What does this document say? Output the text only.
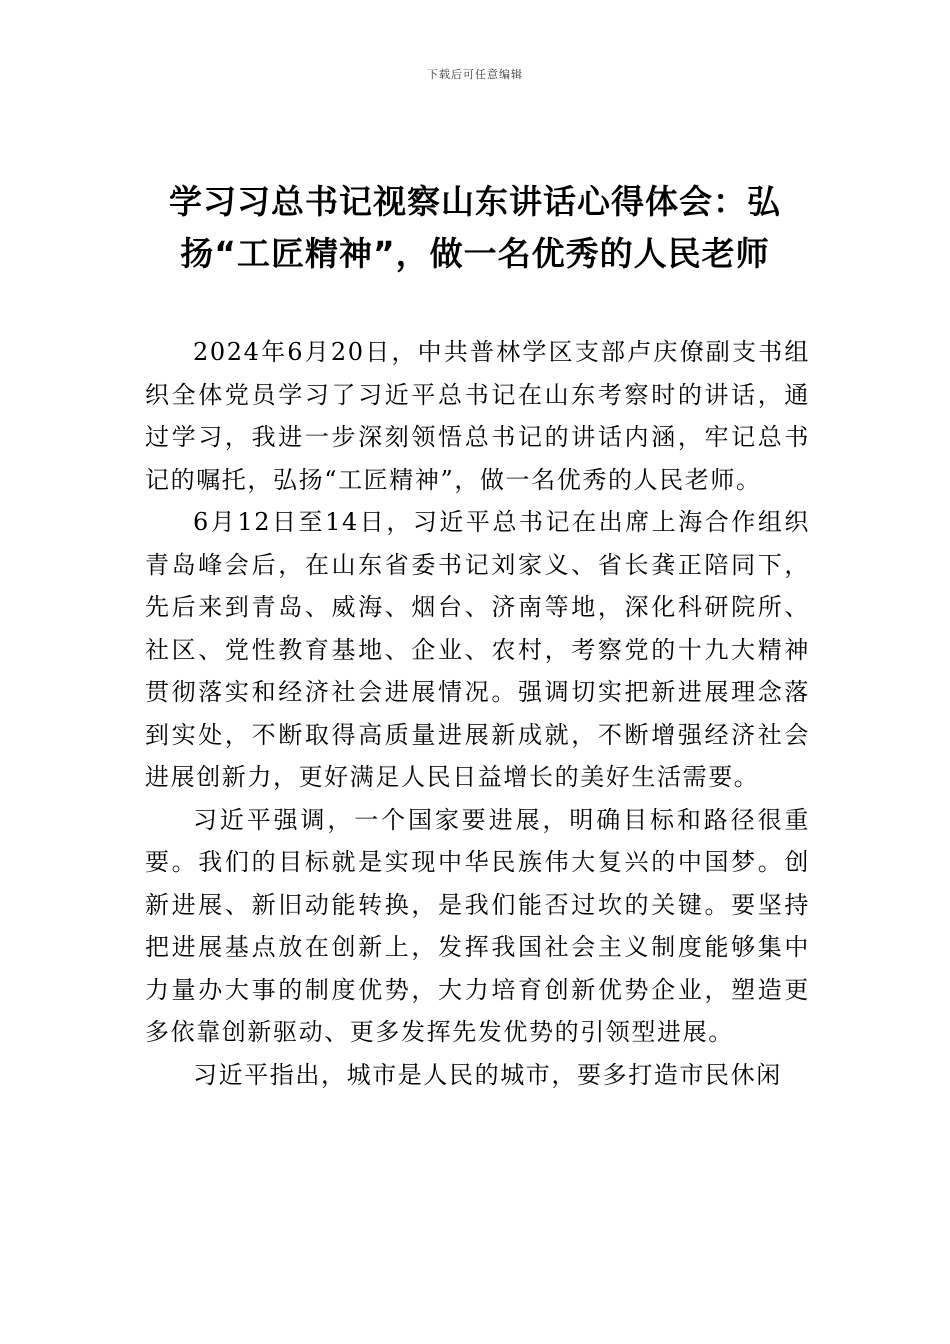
下载后可任意编辑
学习习总书记视察山东讲话心得体会：弘
扬“工匠精神”，做一名优秀的人民老师

2024年6月20日，中共普林学区支部卢庆僚副支书组织全体党员学习了习近平总书记在山东考察时的讲话，通过学习，我进一步深刻领悟总书记的讲话内涵，牢记总书记的嘱托，弘扬“工匠精神”，做一名优秀的人民老师。

6月12日至14日，习近平总书记在出席上海合作组织青岛峰会后，在山东省委书记刘家义、省长龚正陪同下，先后来到青岛、威海、烟台、济南等地，深化科研院所、社区、党性教育基地、企业、农村，考察党的十九大精神贯彻落实和经济社会进展情况。强调切实把新进展理念落到实处，不断取得高质量进展新成就，不断增强经济社会进展创新力，更好满足人民日益增长的美好生活需要。

习近平强调，一个国家要进展，明确目标和路径很重要。我们的目标就是实现中华民族伟大复兴的中国梦。创新进展、新旧动能转换，是我们能否过坎的关键。要坚持把进展基点放在创新上，发挥我国社会主义制度能够集中力量办大事的制度优势，大力培育创新优势企业，塑造更多依靠创新驱动、更多发挥先发优势的引领型进展。

习近平指出，城市是人民的城市，要多打造市民休闲
